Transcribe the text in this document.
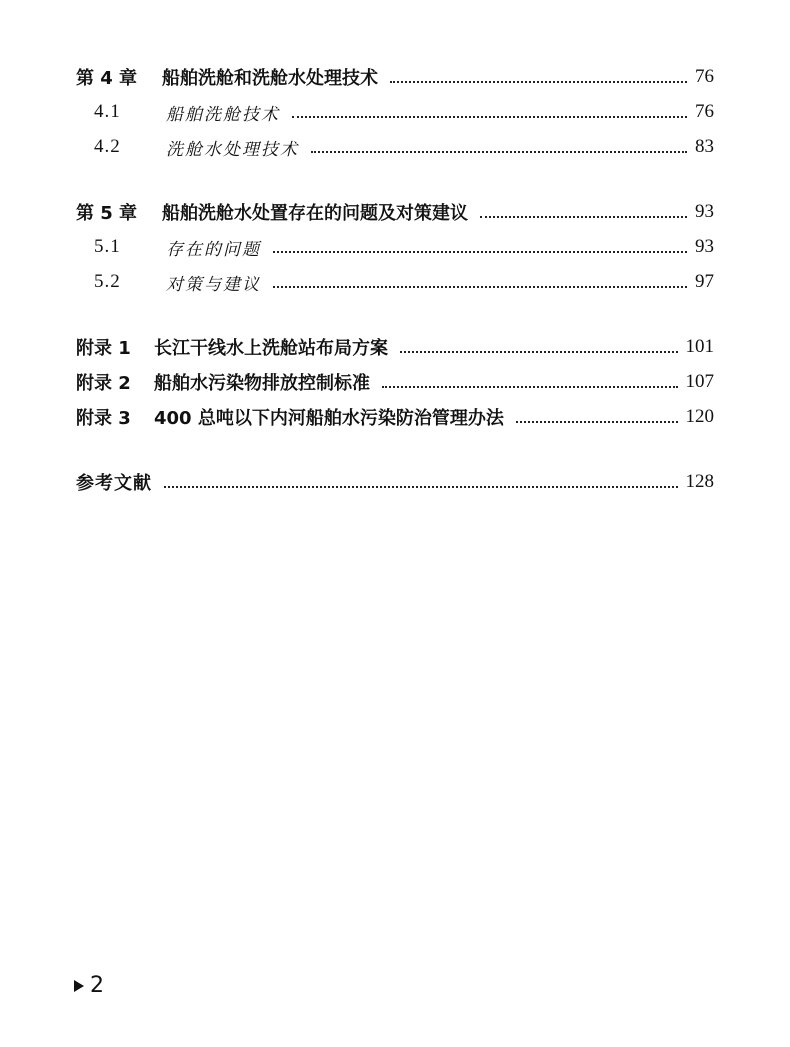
第 4 章	船舶洗舱和洗舱水处理技术	76
4.1	船舶洗舱技术	76
4.2	洗舱水处理技术	83
第 5 章	船舶洗舱水处置存在的问题及对策建议	93
5.1	存在的问题	93
5.2	对策与建议	97
附录 1	长江干线水上洗舱站布局方案	101
附录 2	船舶水污染物排放控制标准	107
附录 3	400 总吨以下内河船舶水污染防治管理办法	120
参考文献	128
2
